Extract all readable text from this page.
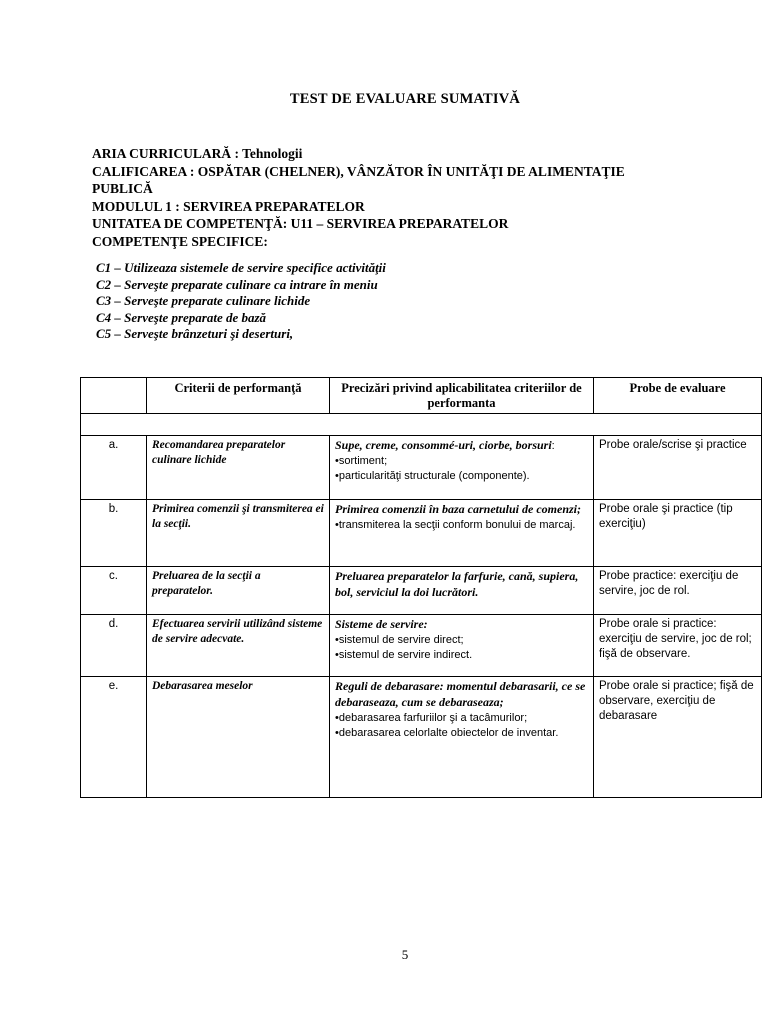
TEST DE EVALUARE SUMATIVĂ
ARIA CURRICULARĂ : Tehnologii
CALIFICAREA : OSPĂTAR (CHELNER), VÂNZĂTOR ÎN UNITĂŢI DE ALIMENTAŢIE
PUBLICĂ
MODULUL 1 : SERVIREA PREPARATELOR
UNITATEA DE COMPETENŢĂ: U11 – SERVIREA PREPARATELOR
COMPETENŢE SPECIFICE:
C1 – Utilizeaza sistemele de servire specifice activităţii
C2 – Serveşte preparate culinare ca intrare în meniu
C3 – Serveşte preparate culinare lichide
C4 – Serveşte preparate de bază
C5 – Serveşte brânzeturi şi deserturi,
	Criterii de performanţă	Precizări privind aplicabilitatea criteriilor de performanta	Probe de evaluare

a.	Recomandarea preparatelor culinare lichide	Supe, creme, consommé-uri, ciorbe, borsuri:
•sortiment;
•particularităţi structurale (componente).	Probe orale/scrise şi practice
b.	Primirea comenzii şi transmiterea ei la secţii.	Primirea comenzii în baza carnetului de comenzi;
•transmiterea la secţii conform bonului de marcaj.	Probe orale şi practice (tip exerciţiu)
c.	Preluarea de la secţii a preparatelor.	Preluarea preparatelor la farfurie, cană, supiera, bol, serviciul la doi lucrători.	Probe practice: exerciţiu de servire, joc de rol.
d.	Efectuarea servirii utilizând sisteme de servire adecvate.	Sisteme de servire:
•sistemul de servire direct;
•sistemul de servire indirect.	Probe orale si practice: exerciţiu de servire, joc de rol; fişă de observare.
e.	Debarasarea meselor	Reguli de debarasare: momentul debarasarii, ce se debaraseaza, cum se debaraseaza;
•debarasarea farfuriilor şi a tacâmurilor;
•debarasarea celorlalte obiectelor de inventar.	Probe orale si practice; fişă de observare, exerciţiu de debarasare
5
